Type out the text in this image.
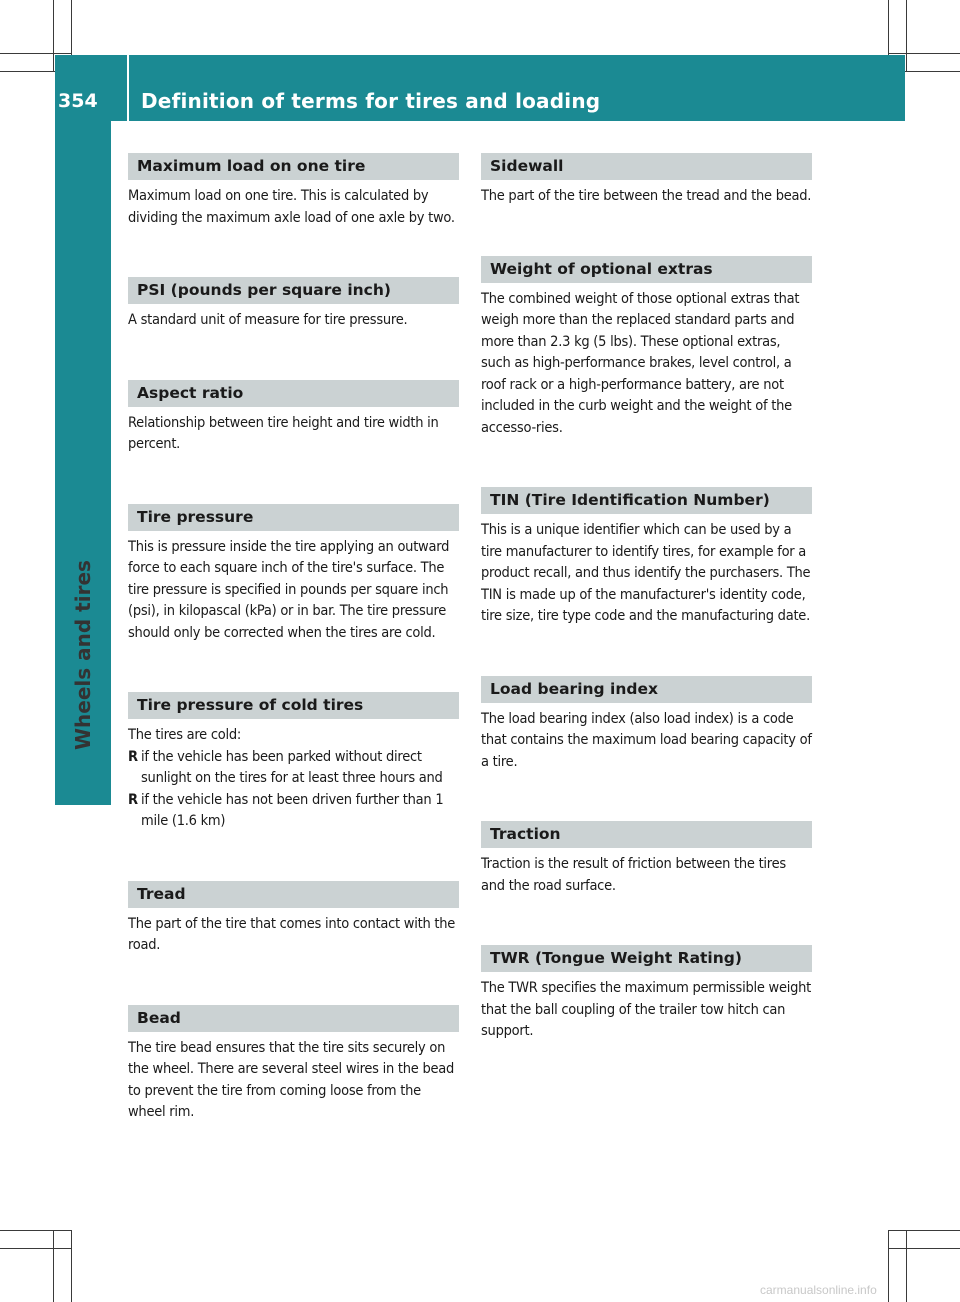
354	Definition of terms for tires and loading
Wheels and tires
Maximum load on one tire
Maximum load on one tire. This is calculated by dividing the maximum axle load of one axle by two.
PSI (pounds per square inch)
A standard unit of measure for tire pressure.
Aspect ratio
Relationship between tire height and tire width in percent.
Tire pressure
This is pressure inside the tire applying an outward force to each square inch of the tire's surface. The tire pressure is specified in pounds per square inch (psi), in kilopascal (kPa) or in bar. The tire pressure should only be corrected when the tires are cold.
Tire pressure of cold tires
The tires are cold:
R if the vehicle has been parked without direct sunlight on the tires for at least three hours and
R if the vehicle has not been driven further than 1 mile (1.6 km)
Tread
The part of the tire that comes into contact with the road.
Bead
The tire bead ensures that the tire sits securely on the wheel. There are several steel wires in the bead to prevent the tire from coming loose from the wheel rim.
Sidewall
The part of the tire between the tread and the bead.
Weight of optional extras
The combined weight of those optional extras that weigh more than the replaced standard parts and more than 2.3 kg (5 lbs). These optional extras, such as high-performance brakes, level control, a roof rack or a high-performance battery, are not included in the curb weight and the weight of the accesso-ries.
TIN (Tire Identification Number)
This is a unique identifier which can be used by a tire manufacturer to identify tires, for example for a product recall, and thus identify the purchasers. The TIN is made up of the manufacturer's identity code, tire size, tire type code and the manufacturing date.
Load bearing index
The load bearing index (also load index) is a code that contains the maximum load bearing capacity of a tire.
Traction
Traction is the result of friction between the tires and the road surface.
TWR (Tongue Weight Rating)
The TWR specifies the maximum permissible weight that the ball coupling of the trailer tow hitch can support.
carmanualsonline.info
